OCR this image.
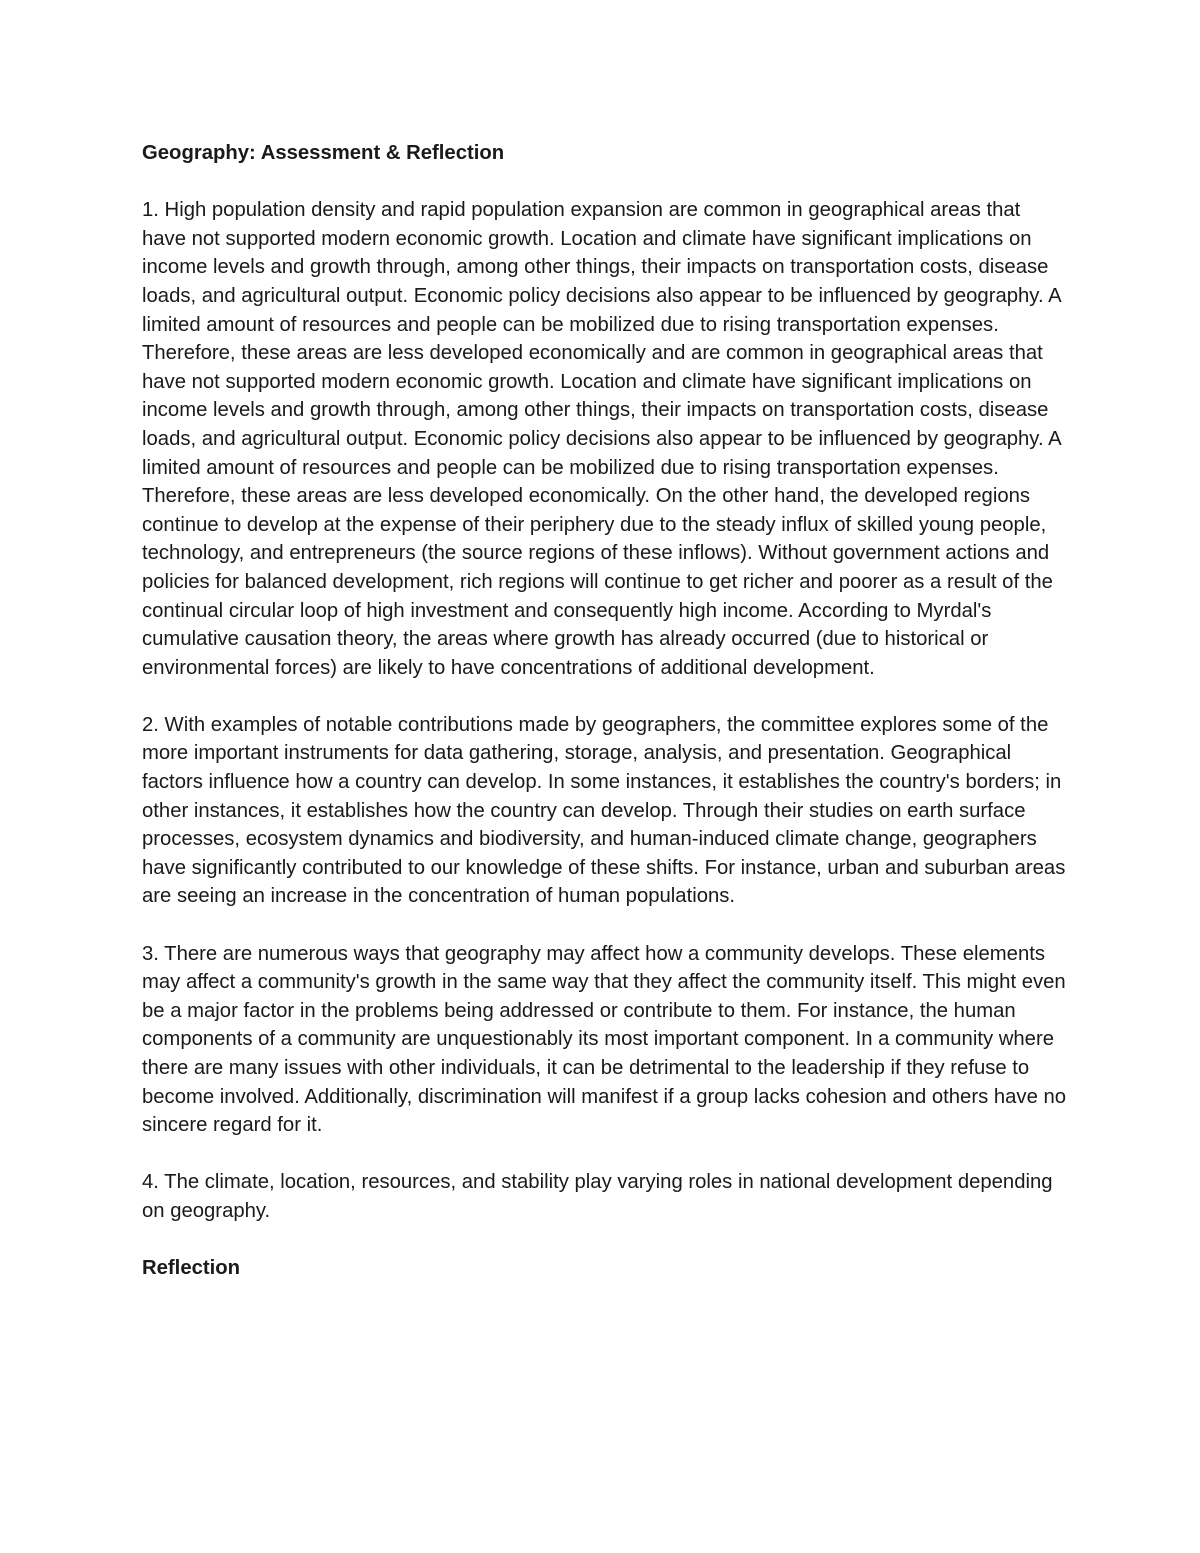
Geography: Assessment & Reflection
1. High population density and rapid population expansion are common in geographical areas that have not supported modern economic growth. Location and climate have significant implications on income levels and growth through, among other things, their impacts on transportation costs, disease loads, and agricultural output. Economic policy decisions also appear to be influenced by geography. A limited amount of resources and people can be mobilized due to rising transportation expenses. Therefore, these areas are less developed economically and are common in geographical areas that have not supported modern economic growth. Location and climate have significant implications on income levels and growth through, among other things, their impacts on transportation costs, disease loads, and agricultural output. Economic policy decisions also appear to be influenced by geography. A limited amount of resources and people can be mobilized due to rising transportation expenses. Therefore, these areas are less developed economically. On the other hand, the developed regions continue to develop at the expense of their periphery due to the steady influx of skilled young people, technology, and entrepreneurs (the source regions of these inflows). Without government actions and policies for balanced development, rich regions will continue to get richer and poorer as a result of the continual circular loop of high investment and consequently high income. According to Myrdal's cumulative causation theory, the areas where growth has already occurred (due to historical or environmental forces) are likely to have concentrations of additional development.
2. With examples of notable contributions made by geographers, the committee explores some of the more important instruments for data gathering, storage, analysis, and presentation. Geographical factors influence how a country can develop. In some instances, it establishes the country's borders; in other instances, it establishes how the country can develop. Through their studies on earth surface processes, ecosystem dynamics and biodiversity, and human-induced climate change, geographers have significantly contributed to our knowledge of these shifts. For instance, urban and suburban areas are seeing an increase in the concentration of human populations.
3. There are numerous ways that geography may affect how a community develops. These elements may affect a community's growth in the same way that they affect the community itself. This might even be a major factor in the problems being addressed or contribute to them. For instance, the human components of a community are unquestionably its most important component. In a community where there are many issues with other individuals, it can be detrimental to the leadership if they refuse to become involved. Additionally, discrimination will manifest if a group lacks cohesion and others have no sincere regard for it.
4. The climate, location, resources, and stability play varying roles in national development depending on geography.
Reflection
